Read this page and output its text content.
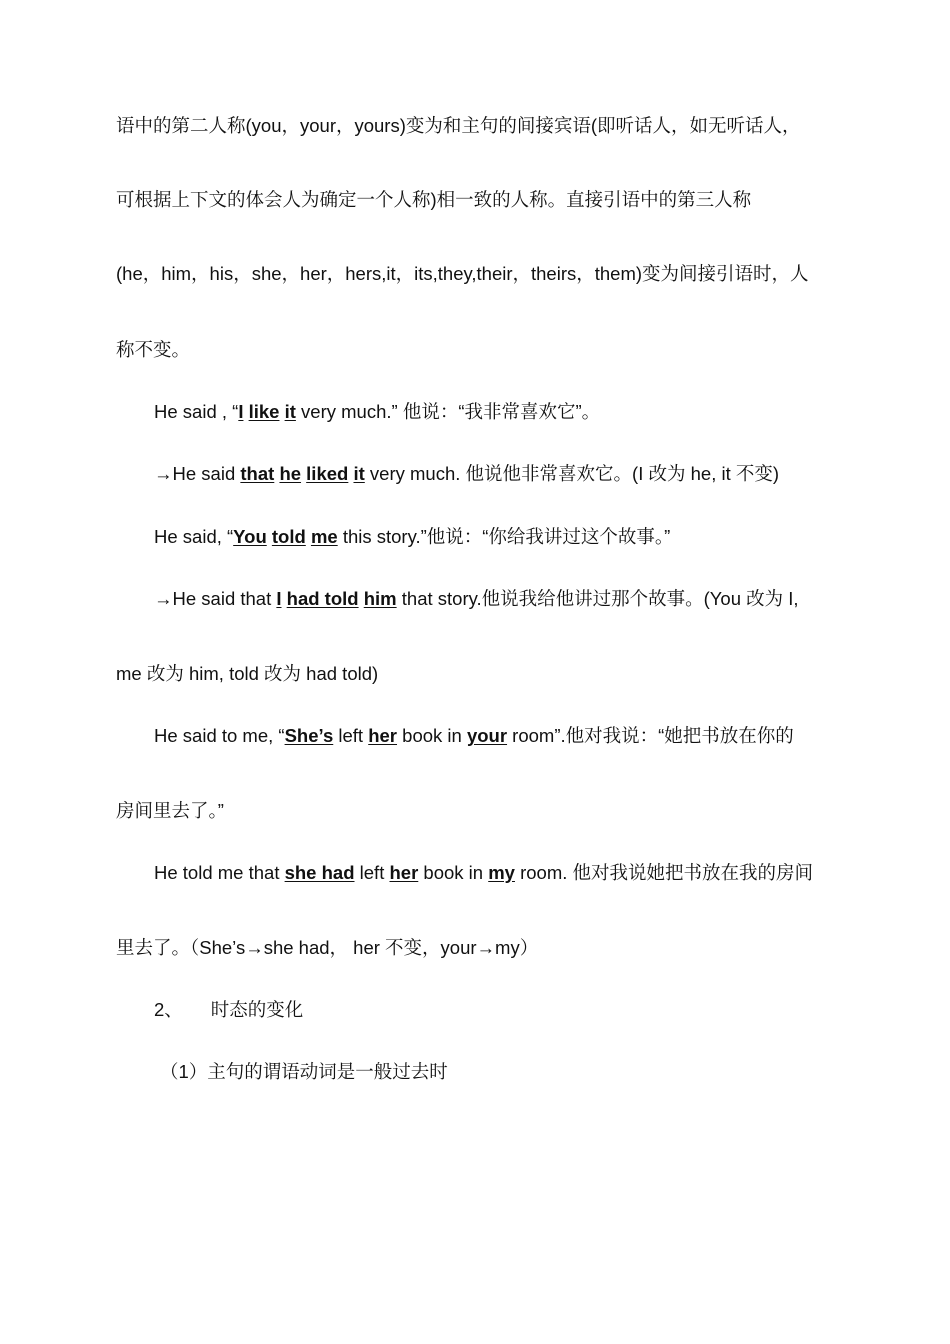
语中的第二人称(you，your，yours)变为和主句的间接宾语(即听话人，如无听话人，
可根据上下文的体会人为确定一个人称)相一致的人称。直接引语中的第三人称
(he，him，his，she，her，hers,it，its,they,their，theirs，them)变为间接引语时，人
称不变。
He said , “I like it very much.” 他说：“我非常喜欢它”。
→He said that he liked it very much. 他说他非常喜欢它。(I 改为 he, it 不变)
He said, “You told me this story.”他说：“你给我讲过这个故事。”
→He said that I had told him that story.他说我给他讲过那个故事。(You 改为 I,
me 改为 him, told 改为 had told)
He said to me, “She’s left her book in your room”.他对我说：“她把书放在你的
房间里去了。”
He told me that she had left her book in my room. 他对我说她把书放在我的房间
里去了。（She’s→she had， her 不变，your→my）
2、 时态的变化
（1）主句的谓语动词是一般过去时
